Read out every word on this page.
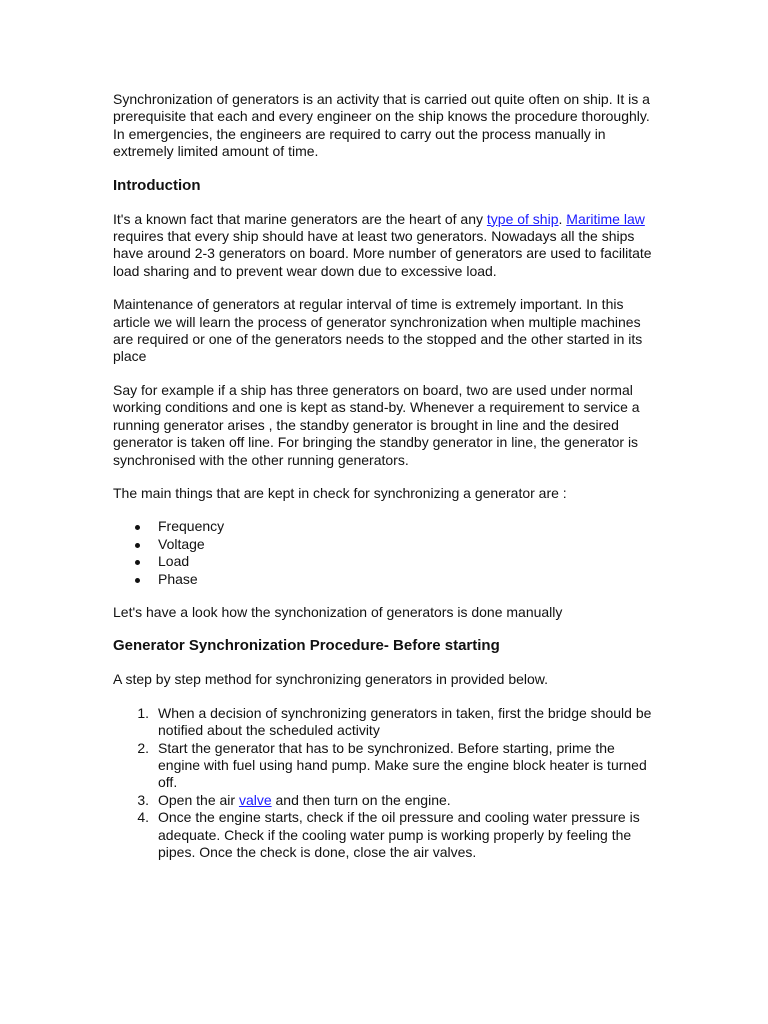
Synchronization of generators is an activity that is carried out quite often on ship. It is a prerequisite that each and every engineer on the ship knows the procedure thoroughly. In emergencies, the engineers are required to carry out the process manually in extremely limited amount of time.

Introduction

It's a known fact that marine generators are the heart of any type of ship. Maritime law requires that every ship should have at least two generators. Nowadays all the ships have around 2-3 generators on board. More number of generators are used to facilitate load sharing and to prevent wear down due to excessive load.

Maintenance of generators at regular interval of time is extremely important. In this article we will learn the process of generator synchronization when multiple machines are required or one of the generators needs to the stopped and the other started in its place

Say for example if a ship has three generators on board, two are used under normal working conditions and one is kept as stand-by. Whenever a requirement to service a running generator arises , the standby generator is brought in line and the desired generator is taken off line. For bringing the standby generator in line, the generator is synchronised with the other running generators.

The main things that are kept in check for synchronizing a generator are :

Frequency
Voltage
Load
Phase

Let's have a look how the synchonization of generators is done manually

Generator Synchronization Procedure- Before starting

A step by step method for synchronizing generators in provided below.

1. When a decision of synchronizing generators in taken, first the bridge should be notified about the scheduled activity
2. Start the generator that has to be synchronized. Before starting, prime the engine with fuel using hand pump. Make sure the engine block heater is turned off.
3. Open the air valve and then turn on the engine.
4. Once the engine starts, check if the oil pressure and cooling water pressure is adequate. Check if the cooling water pump is working properly by feeling the pipes. Once the check is done, close the air valves.
